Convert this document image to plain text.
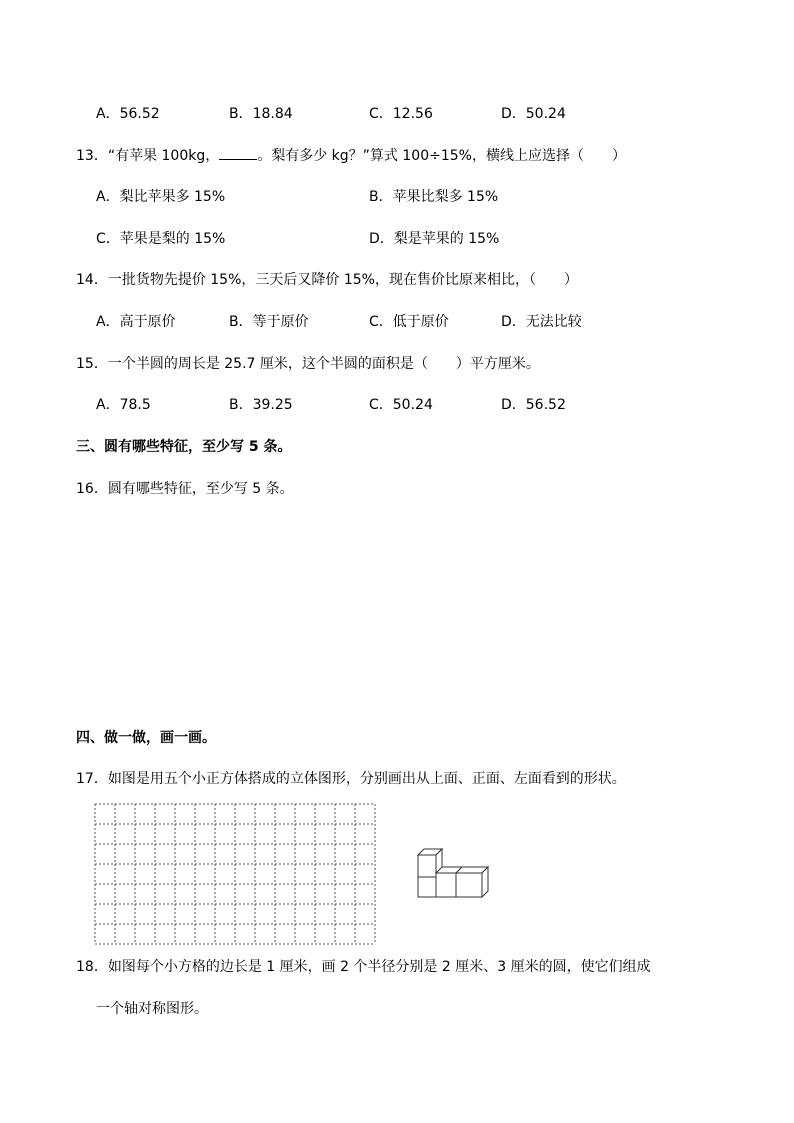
A．56.52	B．18.84	C．12.56	D．50.24
13．“有苹果 100kg，	。梨有多少 kg？”算式 100÷15%，横线上应选择（　　）
A．梨比苹果多 15%	B．苹果比梨多 15%
C．苹果是梨的 15%	D．梨是苹果的 15%
14．一批货物先提价 15%，三天后又降价 15%，现在售价比原来相比，（　　）
A．高于原价	B．等于原价	C．低于原价	D．无法比较
15．一个半圆的周长是 25.7 厘米，这个半圆的面积是（　　）平方厘米。
A．78.5	B．39.25	C．50.24	D．56.52
三、圆有哪些特征，至少写 5 条。
16．圆有哪些特征，至少写 5 条。
四、做一做，画一画。
17．如图是用五个小正方体搭成的立体图形，分别画出从上面、正面、左面看到的形状。
18．如图每个小方格的边长是 1 厘米，画 2 个半径分别是 2 厘米、3 厘米的圆，使它们组成
一个轴对称图形。
